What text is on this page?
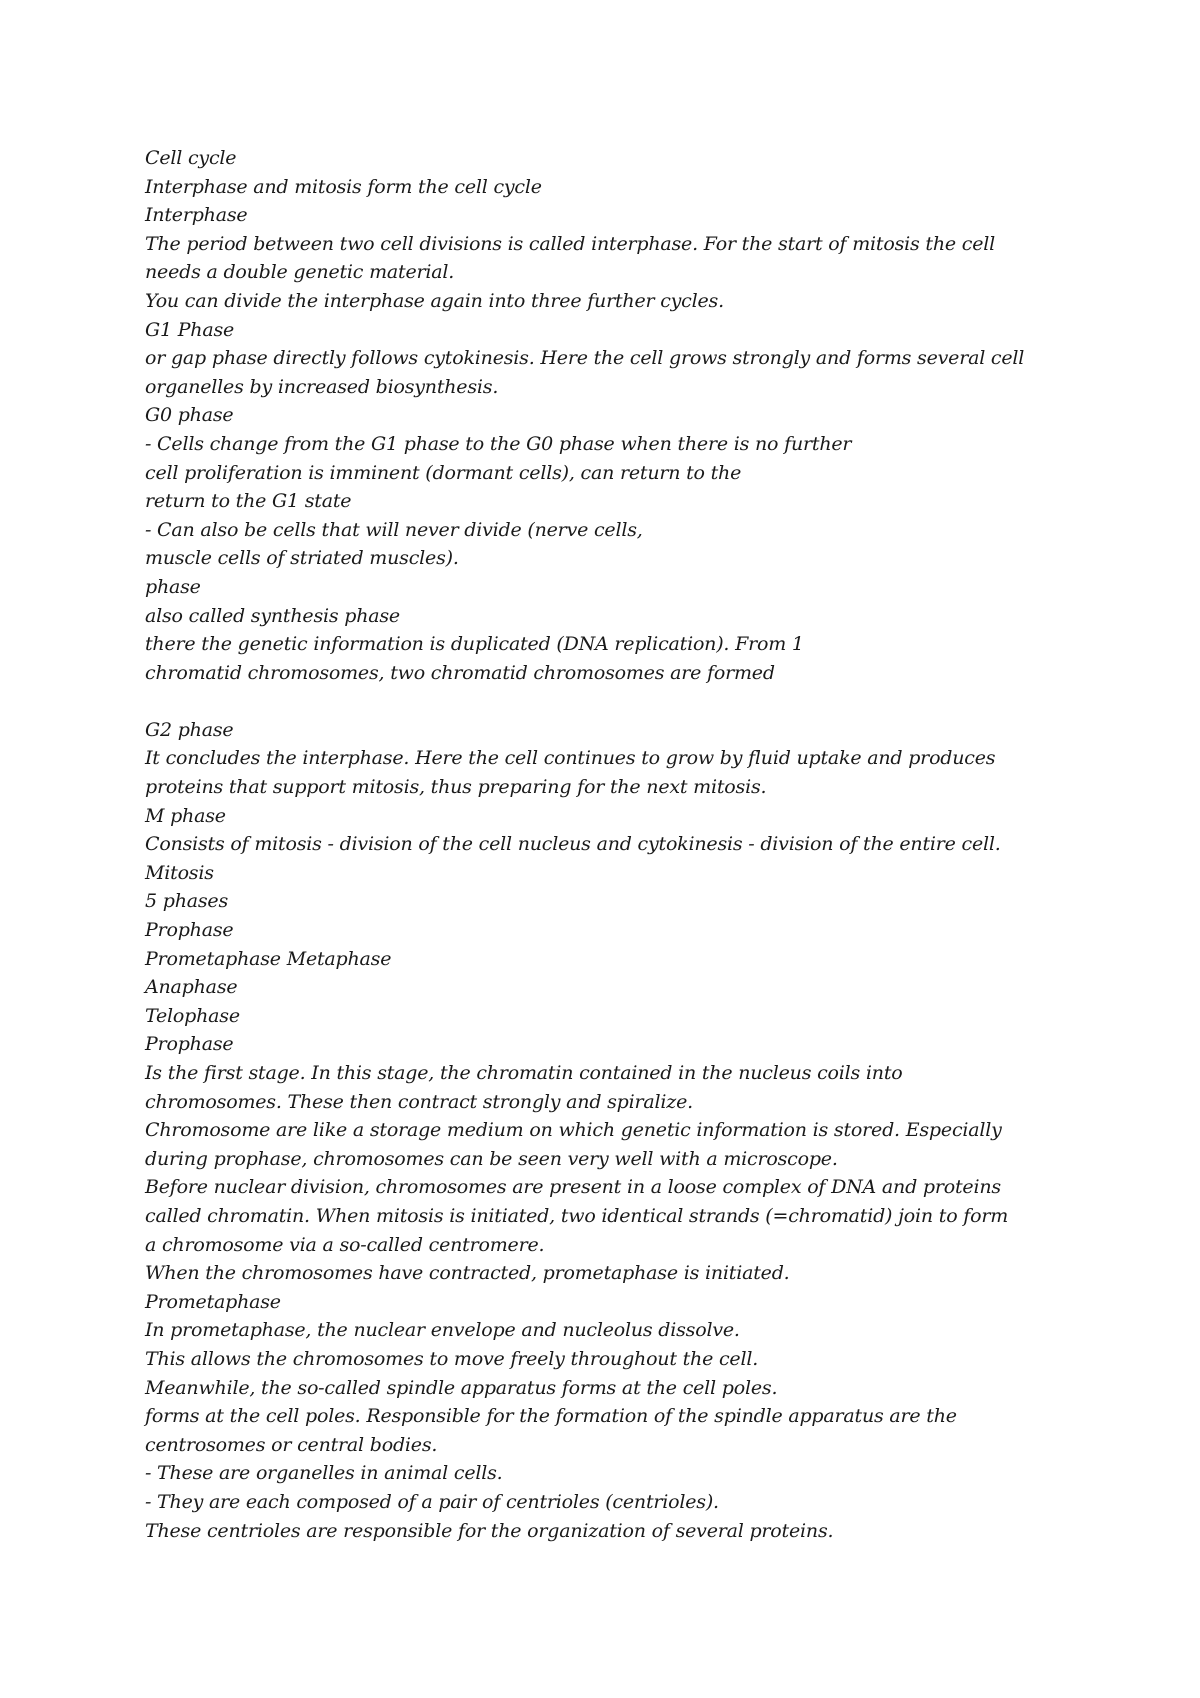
Cell cycle
Interphase and mitosis form the cell cycle
Interphase
The period between two cell divisions is called interphase. For the start of mitosis the cell
needs a double genetic material.
You can divide the interphase again into three further cycles.
G1 Phase
or gap phase directly follows cytokinesis. Here the cell grows strongly and forms several cell
organelles by increased biosynthesis.
G0 phase
- Cells change from the G1 phase to the G0 phase when there is no further
cell proliferation is imminent (dormant cells), can return to the
return to the G1 state
- Can also be cells that will never divide (nerve cells,
muscle cells of striated muscles).
phase
also called synthesis phase
there the genetic information is duplicated (DNA replication). From 1
chromatid chromosomes, two chromatid chromosomes are formed
G2 phase
It concludes the interphase. Here the cell continues to grow by fluid uptake and produces
proteins that support mitosis, thus preparing for the next mitosis.
M phase
Consists of mitosis - division of the cell nucleus and cytokinesis - division of the entire cell.
Mitosis
5 phases
Prophase
Prometaphase Metaphase
Anaphase
Telophase
Prophase
Is the first stage. In this stage, the chromatin contained in the nucleus coils into
chromosomes. These then contract strongly and spiralize.
Chromosome are like a storage medium on which genetic information is stored. Especially
during prophase, chromosomes can be seen very well with a microscope.
Before nuclear division, chromosomes are present in a loose complex of DNA and proteins
called chromatin. When mitosis is initiated, two identical strands (=chromatid) join to form
a chromosome via a so-called centromere.
When the chromosomes have contracted, prometaphase is initiated.
Prometaphase
In prometaphase, the nuclear envelope and nucleolus dissolve.
This allows the chromosomes to move freely throughout the cell.
Meanwhile, the so-called spindle apparatus forms at the cell poles.
forms at the cell poles. Responsible for the formation of the spindle apparatus are the
centrosomes or central bodies.
- These are organelles in animal cells.
- They are each composed of a pair of centrioles (centrioles).
These centrioles are responsible for the organization of several proteins.
